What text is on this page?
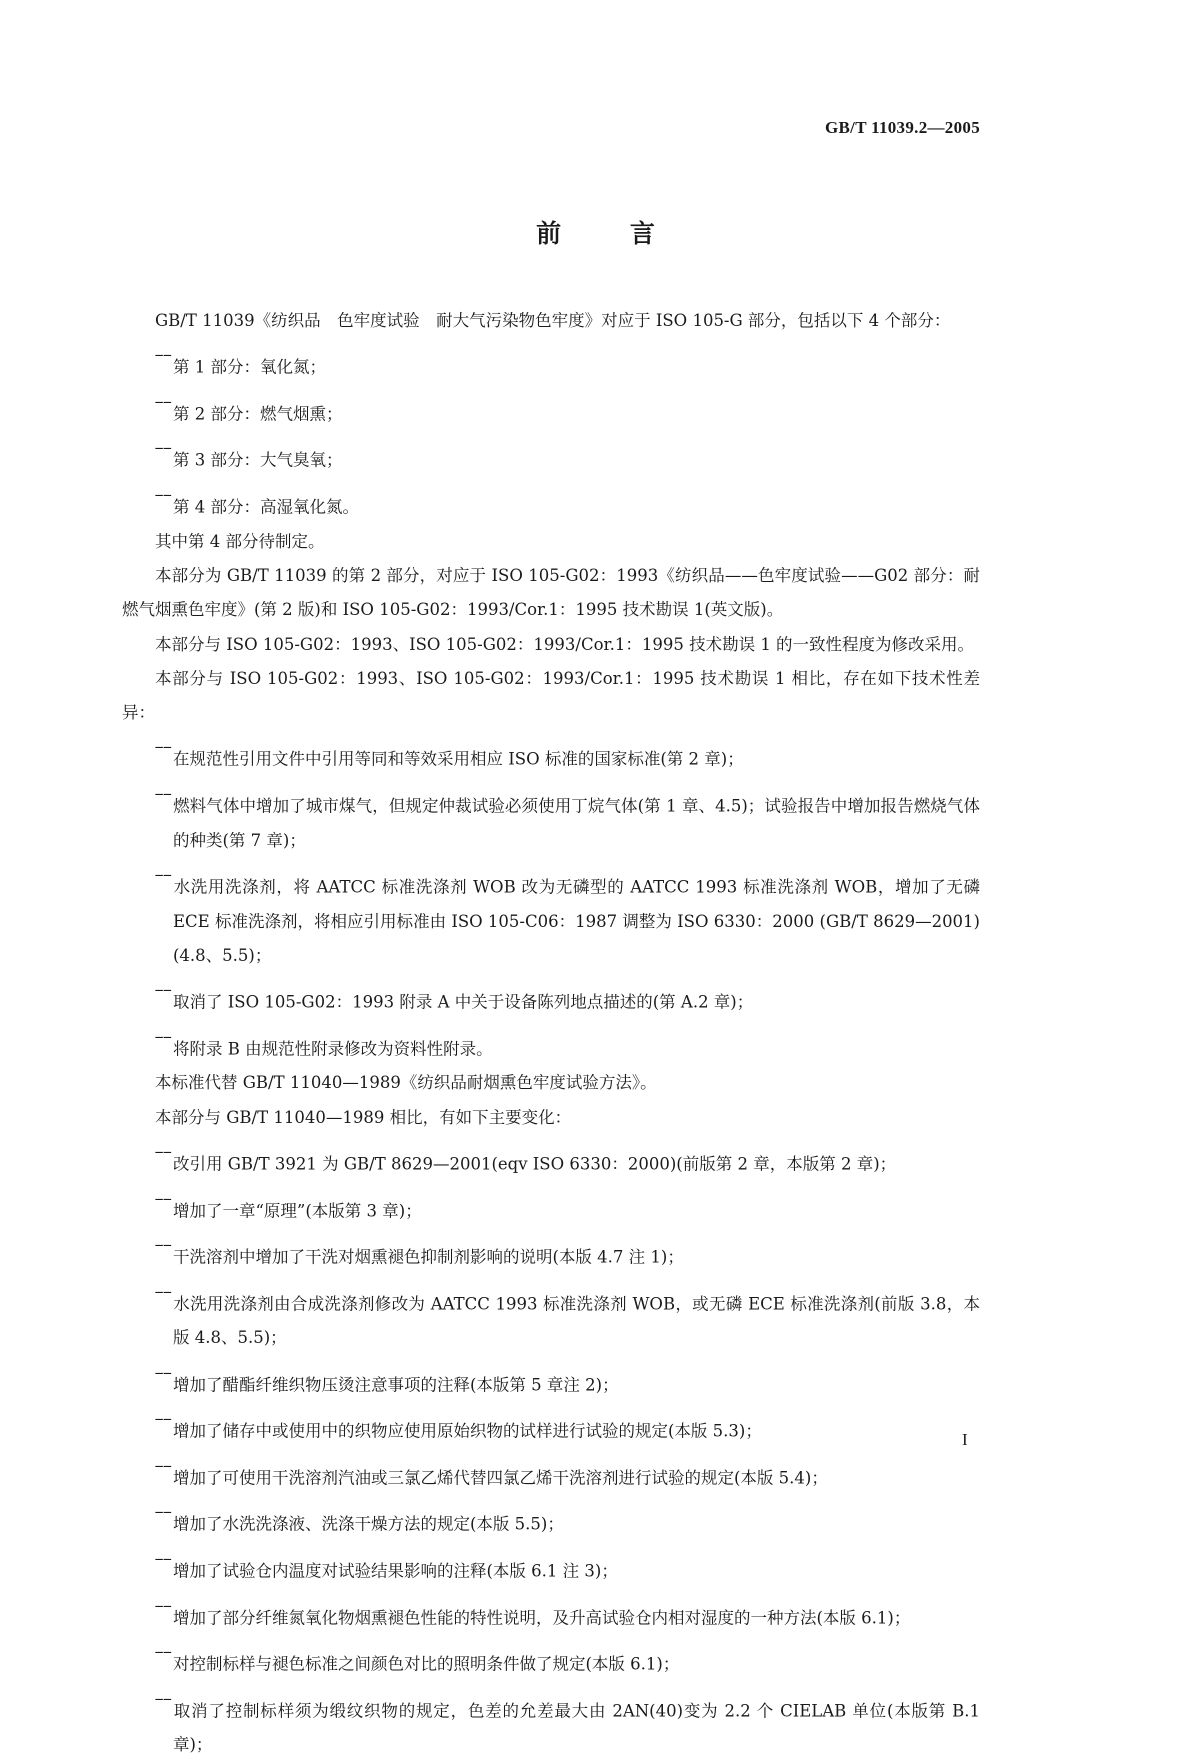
GB/T 11039.2—2005
前 言

GB/T 11039《纺织品　色牢度试验　耐大气污染物色牢度》对应于 ISO 105-G 部分，包括以下 4 个部分：

——第 1 部分：氧化氮；

——第 2 部分：燃气烟熏；

——第 3 部分：大气臭氧；

——第 4 部分：高湿氧化氮。

其中第 4 部分待制定。

本部分为 GB/T 11039 的第 2 部分，对应于 ISO 105-G02：1993《纺织品——色牢度试验——G02 部分：耐燃气烟熏色牢度》(第 2 版)和 ISO 105-G02：1993/Cor.1：1995 技术勘误 1(英文版)。

本部分与 ISO 105-G02：1993、ISO 105-G02：1993/Cor.1：1995 技术勘误 1 的一致性程度为修改采用。

本部分与 ISO 105-G02：1993、ISO 105-G02：1993/Cor.1：1995 技术勘误 1 相比，存在如下技术性差异：

——在规范性引用文件中引用等同和等效采用相应 ISO 标准的国家标准(第 2 章)；

——燃料气体中增加了城市煤气，但规定仲裁试验必须使用丁烷气体(第 1 章、4.5)；试验报告中增加报告燃烧气体的种类(第 7 章)；

——水洗用洗涤剂，将 AATCC 标准洗涤剂 WOB 改为无磷型的 AATCC 1993 标准洗涤剂 WOB，增加了无磷 ECE 标准洗涤剂，将相应引用标准由 ISO 105-C06：1987 调整为 ISO 6330：2000 (GB/T 8629—2001)(4.8、5.5)；

——取消了 ISO 105-G02：1993 附录 A 中关于设备陈列地点描述的(第 A.2 章)；

——将附录 B 由规范性附录修改为资料性附录。

本标准代替 GB/T 11040—1989《纺织品耐烟熏色牢度试验方法》。

本部分与 GB/T 11040—1989 相比，有如下主要变化：

——改引用 GB/T 3921 为 GB/T 8629—2001(eqv ISO 6330：2000)(前版第 2 章，本版第 2 章)；

——增加了一章“原理”(本版第 3 章)；

——干洗溶剂中增加了干洗对烟熏褪色抑制剂影响的说明(本版 4.7 注 1)；

——水洗用洗涤剂由合成洗涤剂修改为 AATCC 1993 标准洗涤剂 WOB，或无磷 ECE 标准洗涤剂(前版 3.8，本版 4.8、5.5)；

——增加了醋酯纤维织物压烫注意事项的注释(本版第 5 章注 2)；

——增加了储存中或使用中的织物应使用原始织物的试样进行试验的规定(本版 5.3)；

——增加了可使用干洗溶剂汽油或三氯乙烯代替四氯乙烯干洗溶剂进行试验的规定(本版 5.4)；

——增加了水洗洗涤液、洗涤干燥方法的规定(本版 5.5)；

——增加了试验仓内温度对试验结果影响的注释(本版 6.1 注 3)；

——增加了部分纤维氮氧化物烟熏褪色性能的特性说明，及升高试验仓内相对湿度的一种方法(本版 6.1)；

——对控制标样与褪色标准之间颜色对比的照明条件做了规定(本版 6.1)；

——取消了控制标样须为缎纹织物的规定，色差的允差最大由 2AN(40)变为 2.2 个 CIELAB 单位(本版第 B.1 章)；

I
